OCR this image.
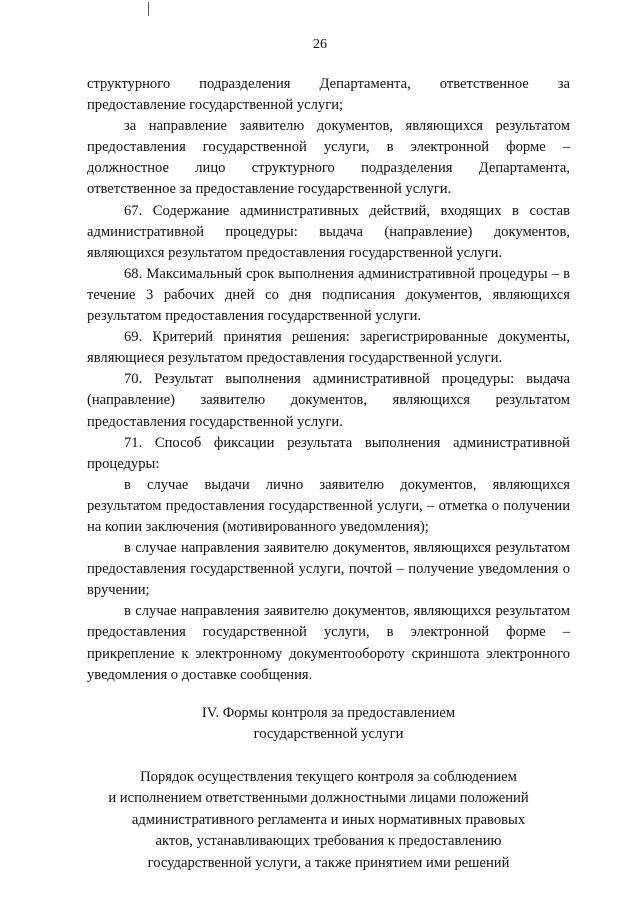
26

структурного подразделения Департамента, ответственное за предоставление государственной услуги;

за направление заявителю документов, являющихся результатом предоставления государственной услуги, в электронной форме – должностное лицо структурного подразделения Департамента, ответственное за предоставление государственной услуги.

67. Содержание административных действий, входящих в состав административной процедуры: выдача (направление) документов, являющихся результатом предоставления государственной услуги.

68. Максимальный срок выполнения административной процедуры – в течение 3 рабочих дней со дня подписания документов, являющихся результатом предоставления государственной услуги.

69. Критерий принятия решения: зарегистрированные документы, являющиеся результатом предоставления государственной услуги.

70. Результат выполнения административной процедуры: выдача (направление) заявителю документов, являющихся результатом предоставления государственной услуги.

71. Способ фиксации результата выполнения административной процедуры:

в случае выдачи лично заявителю документов, являющихся результатом предоставления государственной услуги, – отметка о получении на копии заключения (мотивированного уведомления);

в случае направления заявителю документов, являющихся результатом предоставления государственной услуги, почтой – получение уведомления о вручении;

в случае направления заявителю документов, являющихся результатом предоставления государственной услуги, в электронной форме – прикрепление к электронному документообороту скриншота электронного уведомления о доставке сообщения.

IV. Формы контроля за предоставлением
государственной услуги
Порядок осуществления текущего контроля за соблюдением
и исполнением ответственными должностными лицами положений
административного регламента и иных нормативных правовых
актов, устанавливающих требования к предоставлению
государственной услуги, а также принятием ими решений
